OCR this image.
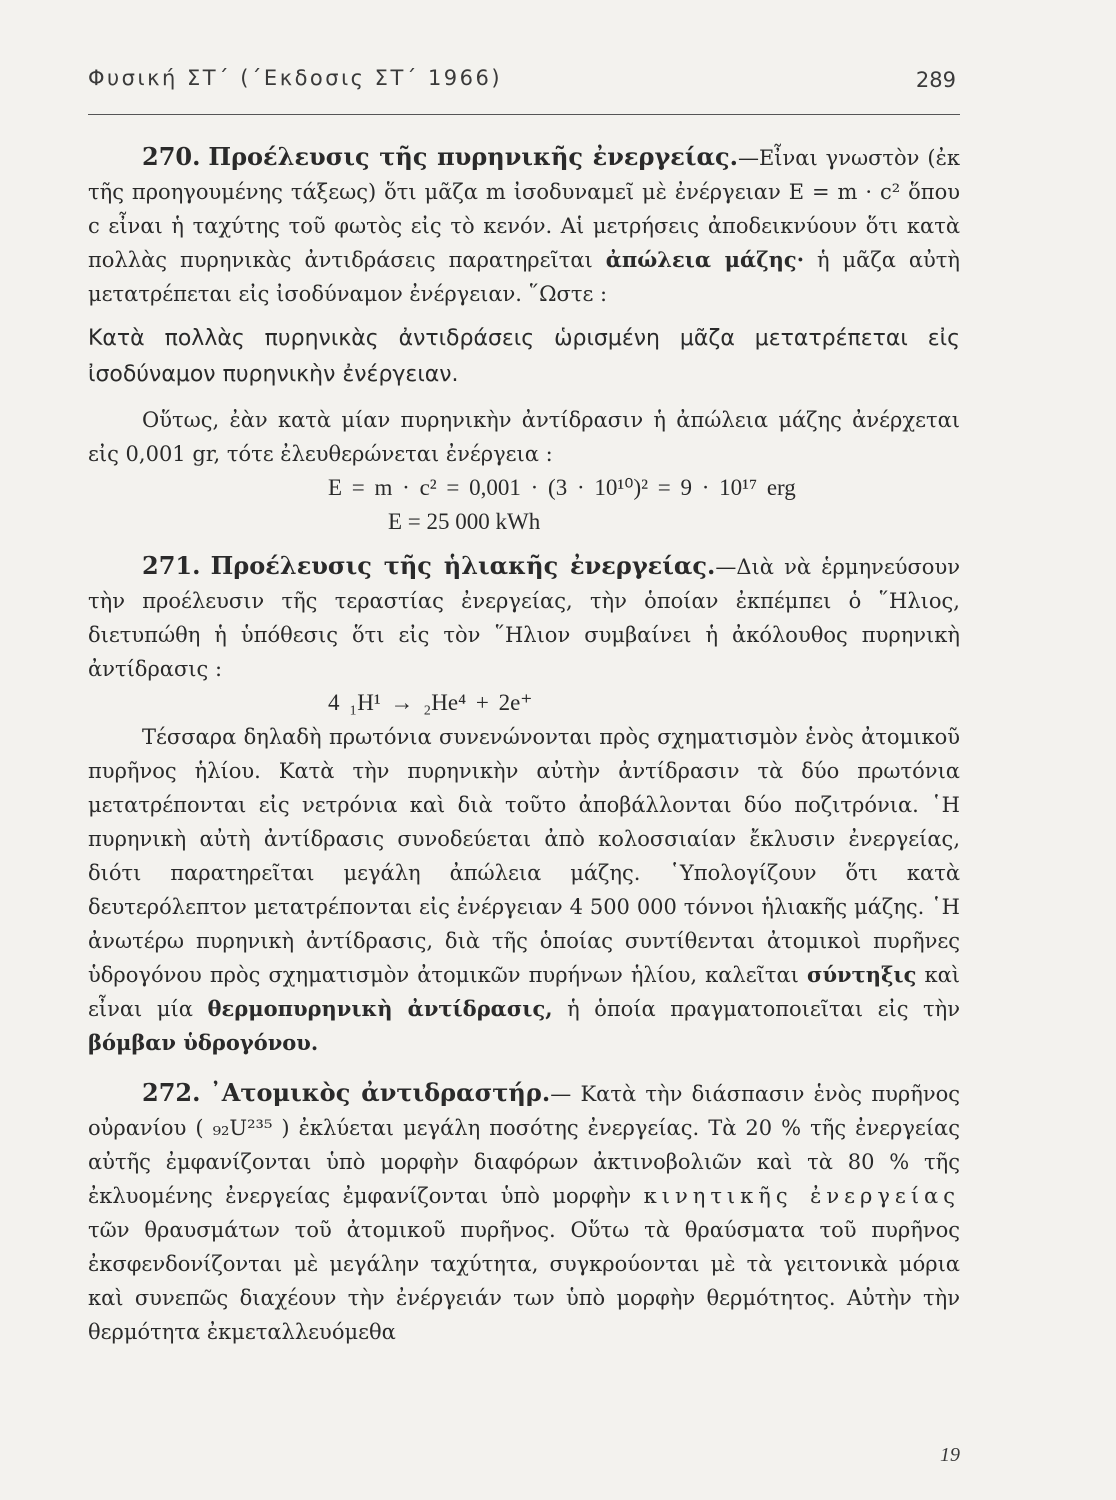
Φυσική ΣΤ΄ (΄Εκδοσις ΣΤ΄ 1966)	289

270. Προέλευσις τῆς πυρηνικῆς ἐνεργείας.—Εἶναι γνωστὸν (ἐκ τῆς προηγουμένης τάξεως) ὅτι μᾶζα m ἰσοδυναμεῖ μὲ ἐνέργειαν E = m · c² ὅπου c εἶναι ἡ ταχύτης τοῦ φωτὸς εἰς τὸ κενόν. Αἱ μετρήσεις ἀποδεικνύουν ὅτι κατὰ πολλὰς πυρηνικὰς ἀντιδράσεις παρατηρεῖται ἀπώλεια μάζης· ἡ μᾶζα αὐτὴ μετατρέπεται εἰς ἰσοδύναμον ἐνέργειαν. ῞Ωστε :

Κατὰ πολλὰς πυρηνικὰς ἀντιδράσεις ὡρισμένη μᾶζα μετατρέπεται εἰς ἰσοδύναμον πυρηνικὴν ἐνέργειαν.

Οὕτως, ἐὰν κατὰ μίαν πυρηνικὴν ἀντίδρασιν ἡ ἀπώλεια μάζης ἀνέρχεται εἰς 0,001 gr, τότε ἐλευθερώνεται ἐνέργεια :

E = m · c² = 0,001 · (3 · 10¹⁰)² = 9 · 10¹⁷ erg

E = 25 000 kWh

271. Προέλευσις τῆς ἡλιακῆς ἐνεργείας.—Διὰ νὰ ἑρμηνεύσουν τὴν προέλευσιν τῆς τεραστίας ἐνεργείας, τὴν ὁποίαν ἐκπέμπει ὁ ῞Ηλιος, διετυπώθη ἡ ὑπόθεσις ὅτι εἰς τὸν ῞Ηλιον συμβαίνει ἡ ἀκόλουθος πυρηνικὴ ἀντίδρασις :

4 ₁H¹ → ₂He⁴ + 2e⁺

Τέσσαρα δηλαδὴ πρωτόνια συνενώνονται πρὸς σχηματισμὸν ἑνὸς ἀτομικοῦ πυρῆνος ἡλίου. Κατὰ τὴν πυρηνικὴν αὐτὴν ἀντίδρασιν τὰ δύο πρωτόνια μετατρέπονται εἰς νετρόνια καὶ διὰ τοῦτο ἀποβάλλονται δύο ποζιτρόνια. ῾Η πυρηνικὴ αὐτὴ ἀντίδρασις συνοδεύεται ἀπὸ κολοσσιαίαν ἔκλυσιν ἐνεργείας, διότι παρατηρεῖται μεγάλη ἀπώλεια μάζης. ῾Υπολογίζουν ὅτι κατὰ δευτερόλεπτον μετατρέπονται εἰς ἐνέργειαν 4 500 000 τόννοι ἡλιακῆς μάζης. ῾Η ἀνωτέρω πυρηνικὴ ἀντίδρασις, διὰ τῆς ὁποίας συντίθενται ἀτομικοὶ πυρῆνες ὑδρογόνου πρὸς σχηματισμὸν ἀτομικῶν πυρήνων ἡλίου, καλεῖται σύντηξις καὶ εἶναι μία θερμοπυρηνικὴ ἀντίδρασις, ἡ ὁποία πραγματοποιεῖται εἰς τὴν βόμβαν ὑδρογόνου.

272. ᾿Ατομικὸς ἀντιδραστήρ.— Κατὰ τὴν διάσπασιν ἑνὸς πυρῆνος οὐρανίου ( ₉₂U²³⁵ ) ἐκλύεται μεγάλη ποσότης ἐνεργείας. Τὰ 20 % τῆς ἐνεργείας αὐτῆς ἐμφανίζονται ὑπὸ μορφὴν διαφόρων ἀκτινοβολιῶν καὶ τὰ 80 % τῆς ἐκλυομένης ἐνεργείας ἐμφανίζονται ὑπὸ μορφὴν κινητικῆς ἐνεργείας τῶν θραυσμάτων τοῦ ἀτομικοῦ πυρῆνος. Οὕτω τὰ θραύσματα τοῦ πυρῆνος ἐκσφενδονίζονται μὲ μεγάλην ταχύτητα, συγκρούονται μὲ τὰ γειτονικὰ μόρια καὶ συνεπῶς διαχέουν τὴν ἐνέργειάν των ὑπὸ μορφὴν θερμότητος. Αὐτὴν τὴν θερμότητα ἐκμεταλλευόμεθα

19
